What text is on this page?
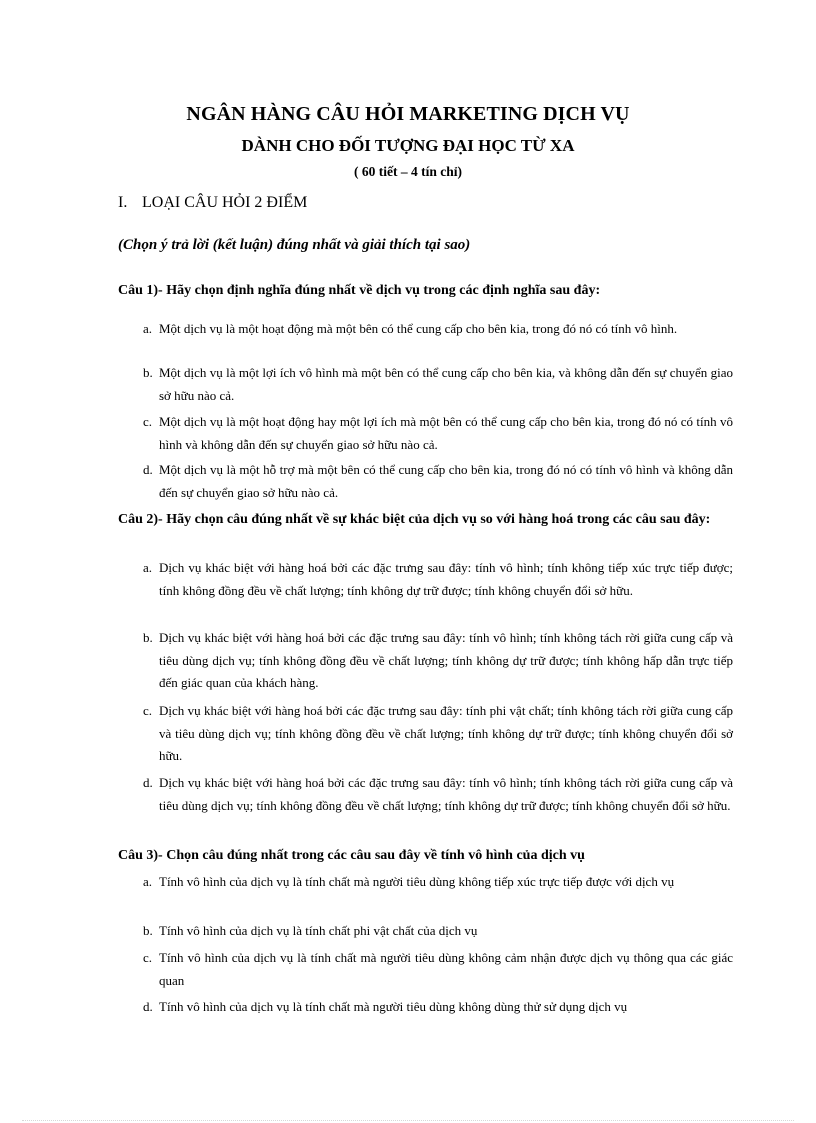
NGÂN HÀNG CÂU HỎI MARKETING DỊCH VỤ
DÀNH CHO ĐỐI TƯỢNG ĐẠI HỌC TỪ XA
( 60 tiết – 4 tín chỉ)
I. LOẠI CÂU HỎI 2 ĐIỂM
(Chọn ý trả lời (kết luận) đúng nhất và giải thích tại sao)
Câu 1)- Hãy chọn định nghĩa đúng nhất về dịch vụ trong các định nghĩa sau đây:
a. Một dịch vụ là một hoạt động mà một bên có thể cung cấp cho bên kia, trong đó nó có tính vô hình.
b. Một dịch vụ là một lợi ích vô hình mà một bên có thể cung cấp cho bên kia, và không dẫn đến sự chuyển giao sở hữu nào cả.
c. Một dịch vụ là một hoạt động hay một lợi ích mà một bên có thể cung cấp cho bên kia, trong đó nó có tính vô hình và không dẫn đến sự chuyển giao sở hữu nào cả.
d. Một dịch vụ là một hỗ trợ mà một bên có thể cung cấp cho bên kia, trong đó nó có tính vô hình và không dẫn đến sự chuyển giao sở hữu nào cả.
Câu 2)- Hãy chọn câu đúng nhất về sự khác biệt của dịch vụ so với hàng hoá trong các câu sau đây:
a. Dịch vụ khác biệt với hàng hoá bởi các đặc trưng sau đây: tính vô hình; tính không tiếp xúc trực tiếp được; tính không đồng đều về chất lượng; tính không dự trữ được; tính không chuyển đổi sở hữu.
b. Dịch vụ khác biệt với hàng hoá bởi các đặc trưng sau đây: tính vô hình; tính không tách rời giữa cung cấp và tiêu dùng dịch vụ; tính không đồng đều về chất lượng; tính không dự trữ được; tính không hấp dẫn trực tiếp đến giác quan của khách hàng.
c. Dịch vụ khác biệt với hàng hoá bởi các đặc trưng sau đây: tính phi vật chất; tính không tách rời giữa cung cấp và tiêu dùng dịch vụ; tính không đồng đều về chất lượng; tính không dự trữ được; tính không chuyển đổi sở hữu.
d. Dịch vụ khác biệt với hàng hoá bởi các đặc trưng sau đây: tính vô hình; tính không tách rời giữa cung cấp và tiêu dùng dịch vụ; tính không đồng đều về chất lượng; tính không dự trữ được; tính không chuyển đổi sở hữu.
Câu 3)- Chọn câu đúng nhất trong các câu sau đây về tính vô hình của dịch vụ
a. Tính vô hình của dịch vụ là tính chất mà người tiêu dùng không tiếp xúc trực tiếp được với dịch vụ
b. Tính vô hình của dịch vụ là tính chất phi vật chất của dịch vụ
c. Tính vô hình của dịch vụ là tính chất mà người tiêu dùng không cảm nhận được dịch vụ thông qua các giác quan
d. Tính vô hình của dịch vụ là tính chất mà người tiêu dùng không dùng thử sử dụng dịch vụ
